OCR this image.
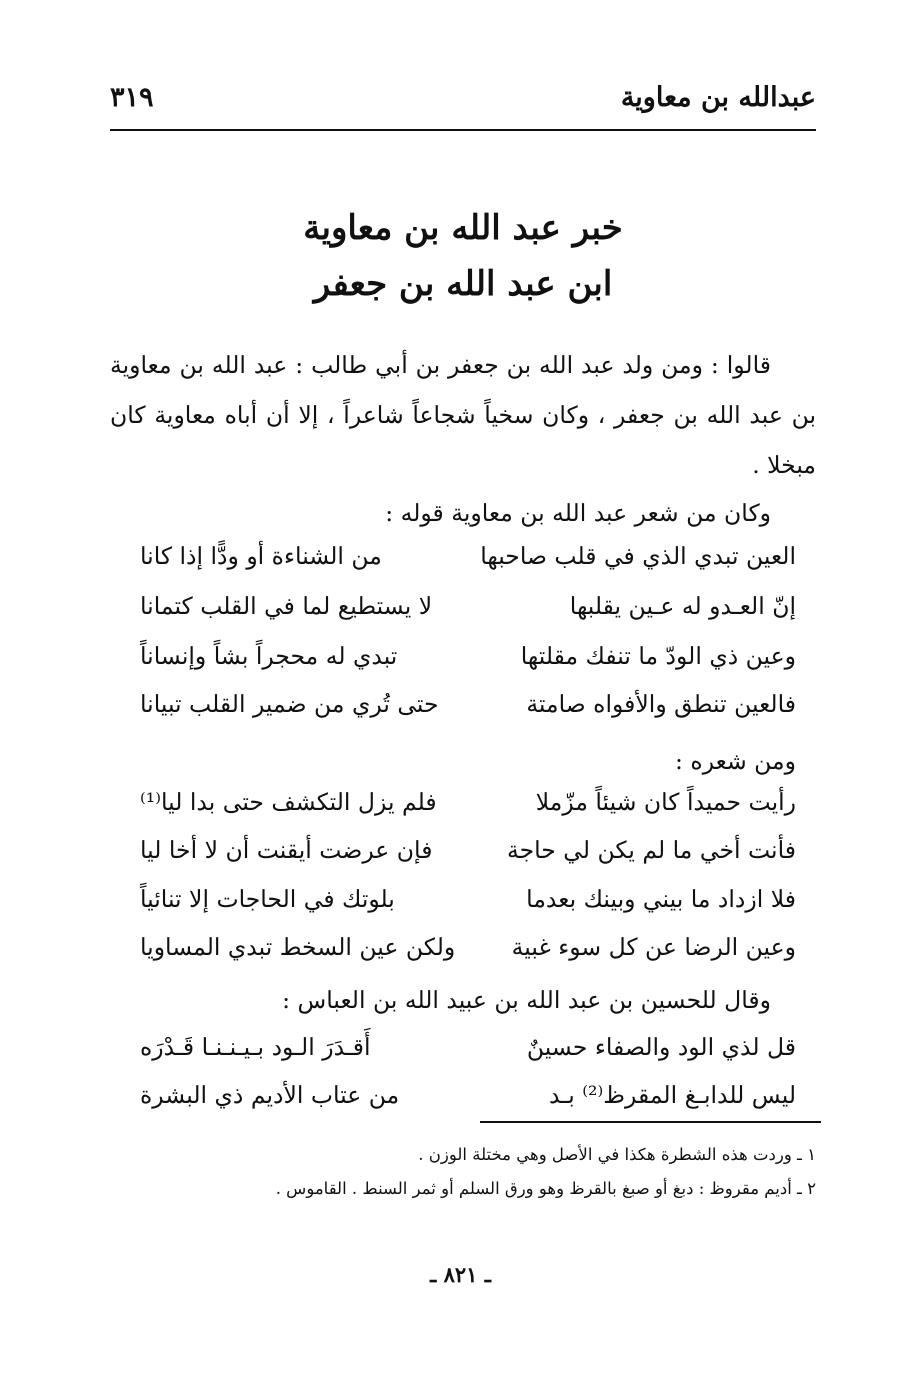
عبدالله بن معاوية
٣١٩
خبر عبد الله بن معاوية
ابن عبد الله بن جعفر
قالوا : ومن ولد عبد الله بن جعفر بن أبي طالب : عبد الله بن معاوية بن عبد الله بن جعفر ، وكان سخياً شجاعاً شاعراً ، إلا أن أباه معاوية كان مبخلا .
وكان من شعر عبد الله بن معاوية قوله :
العين تبدي الذي في قلب صاحبها
من الشناءة أو ودًّا إذا كانا
إنّ العـدو له عـين يقلبها
لا يستطيع لما في القلب كتمانا
وعين ذي الودّ ما تنفك مقلتها
تبدي له محجراً بشاً وإنساناً
فالعين تنطق والأفواه صامتة
حتى تُري من ضمير القلب تبيانا
ومن شعره :
رأيت حميداً كان شيئاً مزّملا
فلم يزل التكشف حتى بدا ليا⁽¹⁾
فأنت أخي ما لم يكن لي حاجة
فإن عرضت أيقنت أن لا أخا ليا
فلا ازداد ما بيني وبينك بعدما
بلوتك في الحاجات إلا تنائياً
وعين الرضا عن كل سوء غبية
ولكن عين السخط تبدي المساويا
وقال للحسين بن عبد الله بن عبيد الله بن العباس :
قل لذي الود والصفاء حسينٌ
أَقـدَرَ الـود بـيـنـنـا قَـدْرَه
ليس للدابـغ المقرظ⁽²⁾ بـد
من عتاب الأديم ذي البشرة
١ ـ وردت هذه الشطرة هكذا في الأصل وهي مختلة الوزن .
٢ ـ أديم مقروظ : دبغ أو صبغ بالقرظ وهو ورق السلم أو ثمر السنط . القاموس .
ـ ٨٢١ ـ
